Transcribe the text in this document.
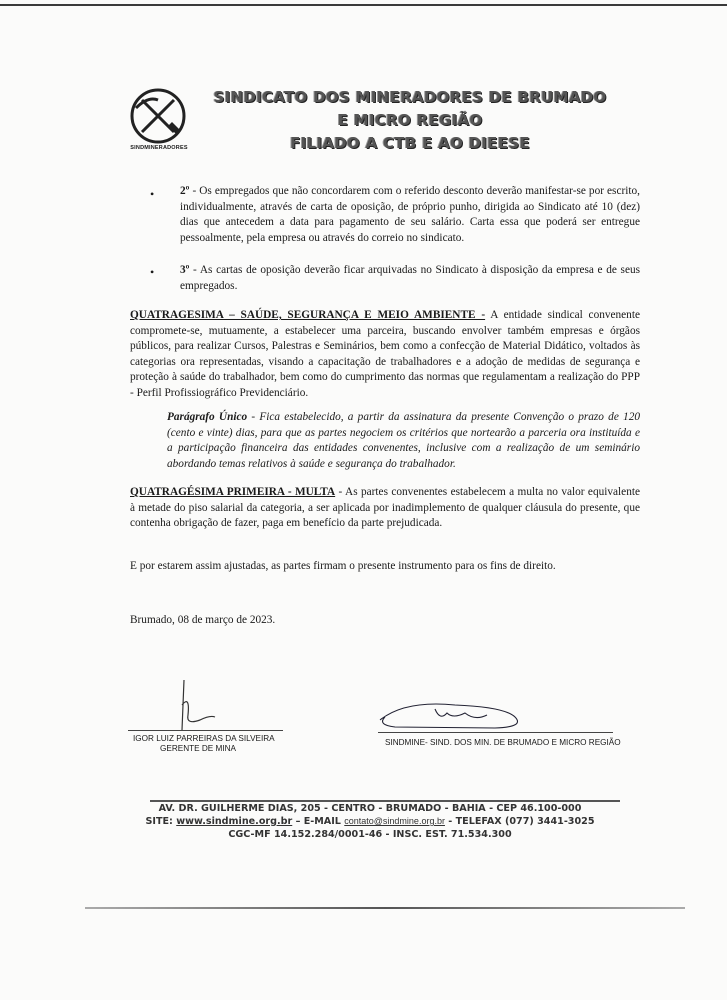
SINDMINERADORES
SINDICATO DOS MINERADORES DE BRUMADO
E MICRO REGIÃO
FILIADO A CTB E AO DIEESE
• 2º - Os empregados que não concordarem com o referido desconto deverão manifestar-se por escrito, individualmente, através de carta de oposição, de próprio punho, dirigida ao Sindicato até 10 (dez) dias que antecedem a data para pagamento de seu salário. Carta essa que poderá ser entregue pessoalmente, pela empresa ou através do correio no sindicato.
• 3º - As cartas de oposição deverão ficar arquivadas no Sindicato à disposição da empresa e de seus empregados.
QUATRAGESIMA – SAÚDE, SEGURANÇA E MEIO AMBIENTE - A entidade sindical convenente compromete-se, mutuamente, a estabelecer uma parceira, buscando envolver também empresas e órgãos públicos, para realizar Cursos, Palestras e Seminários, bem como a confecção de Material Didático, voltados às categorias ora representadas, visando a capacitação de trabalhadores e a adoção de medidas de segurança e proteção à saúde do trabalhador, bem como do cumprimento das normas que regulamentam a realização do PPP - Perfil Profissiográfico Previdenciário.
Parágrafo Único - Fica estabelecido, a partir da assinatura da presente Convenção o prazo de 120 (cento e vinte) dias, para que as partes negociem os critérios que nortearão a parceria ora instituída e a participação financeira das entidades convenentes, inclusive com a realização de um seminário abordando temas relativos à saúde e segurança do trabalhador.
QUATRAGÉSIMA PRIMEIRA - MULTA - As partes convenentes estabelecem a multa no valor equivalente à metade do piso salarial da categoria, a ser aplicada por inadimplemento de qualquer cláusula do presente, que contenha obrigação de fazer, paga em benefício da parte prejudicada.
E por estarem assim ajustadas, as partes firmam o presente instrumento para os fins de direito.
Brumado, 08 de março de 2023.
IGOR LUIZ PARREIRAS DA SILVEIRA
GERENTE DE MINA
SINDMINE- SIND. DOS MIN. DE BRUMADO E MICRO REGIÃO
AV. DR. GUILHERME DIAS, 205 - CENTRO - BRUMADO - BAHIA - CEP 46.100-000
SITE: www.sindmine.org.br – E-MAIL contato@sindmine.org.br - TELEFAX (077) 3441-3025
CGC-MF 14.152.284/0001-46 - INSC. EST. 71.534.300
